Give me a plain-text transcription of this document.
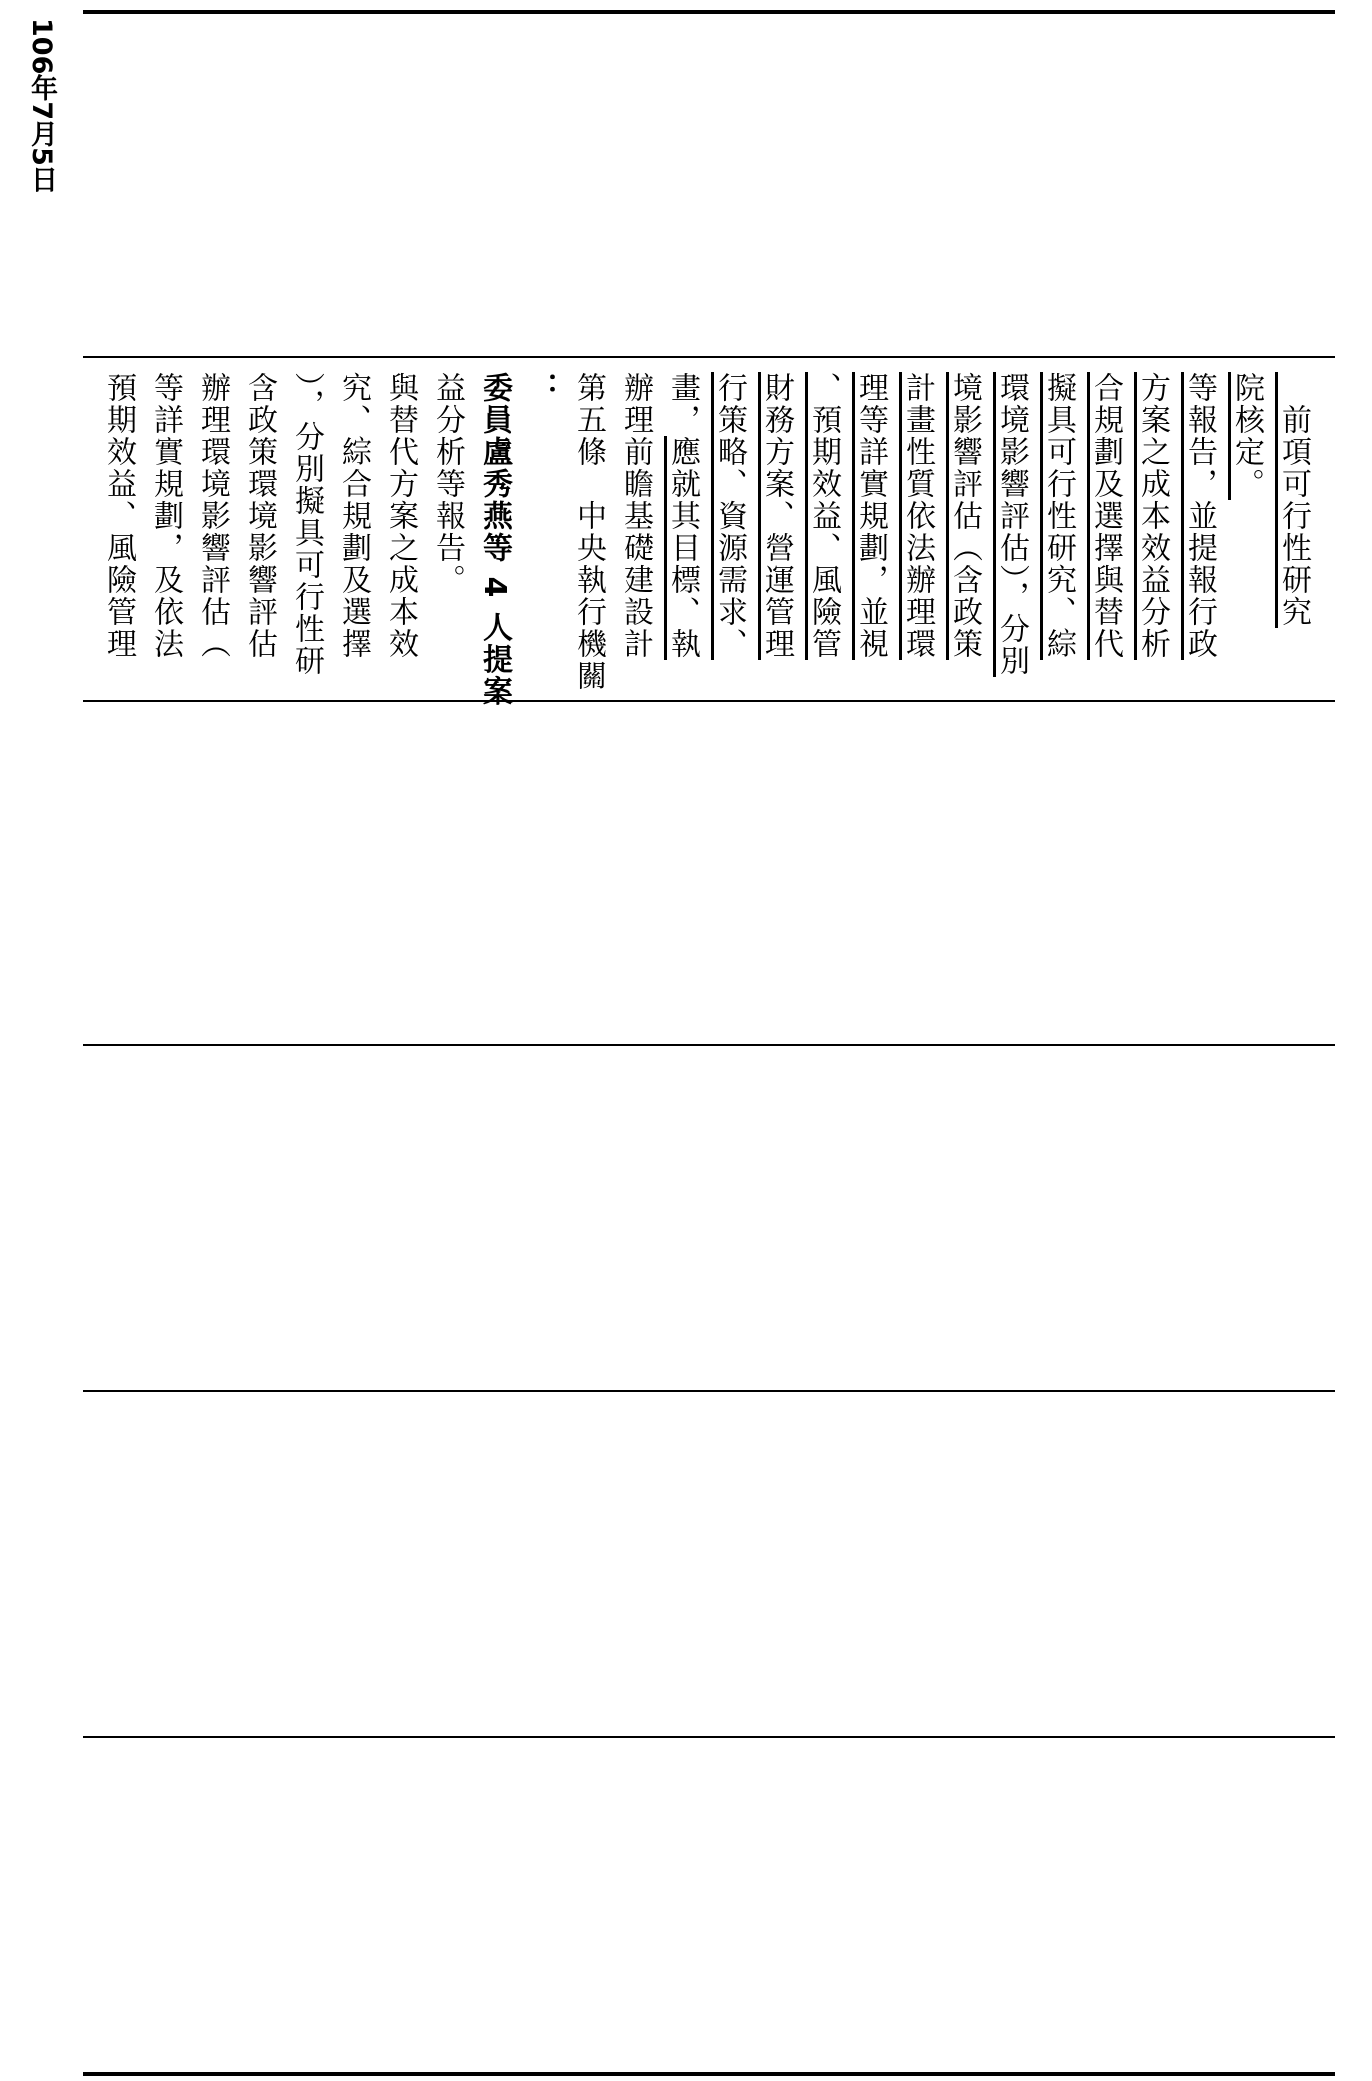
106年7月5日
預期效益、風險管理 等詳實規劃，及依法 辦理環境影響評估（ 含政策環境影響評估 ），分別擬具可行性研 究、綜合規劃及選擇 與替代方案之成本效 益分析等報告。 委員盧秀燕等 4 人提案 ： 第五條　中央執行機關 辦理前瞻基礎建設計 畫，應就其目標、執 行策略、資源需求、 財務方案、營運管理 、預期效益、風險管 理等詳實規劃，並視 計畫性質依法辦理環 境影響評估（含政策 環境影響評估），分別 擬具可行性研究、綜 合規劃及選擇與替代 方案之成本效益分析 等報告，並提報行政 院核定。 　前項可行性研究
